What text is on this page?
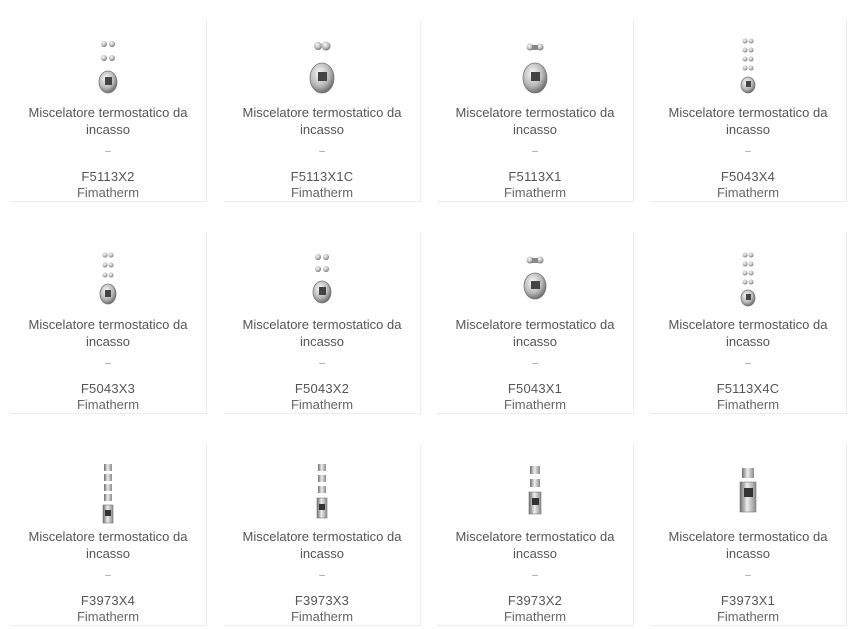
Miscelatore termostatico da incasso
–
F5113X2
Fimatherm
Miscelatore termostatico da incasso
–
F5113X1C
Fimatherm
Miscelatore termostatico da incasso
–
F5113X1
Fimatherm
Miscelatore termostatico da incasso
–
F5043X4
Fimatherm
Miscelatore termostatico da incasso
–
F5043X3
Fimatherm
Miscelatore termostatico da incasso
–
F5043X2
Fimatherm
Miscelatore termostatico da incasso
–
F5043X1
Fimatherm
Miscelatore termostatico da incasso
–
F5113X4C
Fimatherm
Miscelatore termostatico da incasso
–
F3973X4
Fimatherm
Miscelatore termostatico da incasso
–
F3973X3
Fimatherm
Miscelatore termostatico da incasso
–
F3973X2
Fimatherm
Miscelatore termostatico da incasso
–
F3973X1
Fimatherm
